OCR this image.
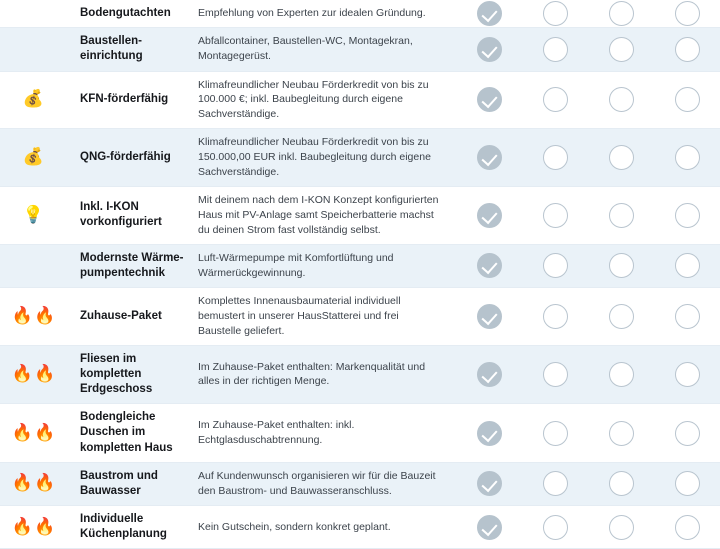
	Bodengutachten	Empfehlung von Experten zur idealen Gründung.				

	Baustellen-
einrichtung	Abfallcontainer, Baustellen-WC, Montagekran, Montagegerüst.				

💰	KFN-förderfähig	Klimafreundlicher Neubau Förderkredit von bis zu 100.000 €; inkl. Baubegleitung durch eigene Sachverständige.				

💰	QNG-förderfähig	Klimafreundlicher Neubau Förderkredit von bis zu 150.000,00 EUR inkl. Baubegleitung durch eigene Sachverständige.				

💡	Inkl. I-KON
vorkonfiguriert	Mit deinem nach dem I-KON Konzept konfigurierten Haus mit PV-Anlage samt Speicherbatterie machst du deinen Strom fast vollständig selbst.				

	Modernste Wärme-
pumpentechnik	Luft-Wärmepumpe mit Komfortlüftung und Wärmerückgewinnung.				

🔥🔥	Zuhause-Paket	Komplettes Innenausbaumaterial individuell bemustert in unserer HausStatterei und frei Baustelle geliefert.				

🔥🔥	Fliesen im
kompletten
Erdgeschoss	Im Zuhause-Paket enthalten: Markenqualität und alles in der richtigen Menge.				

🔥🔥	Bodengleiche
Duschen im
kompletten Haus	Im Zuhause-Paket enthalten: inkl. Echtglasduschabtrennung.				

🔥🔥	Baustrom und
Bauwasser	Auf Kundenwunsch organisieren wir für die Bauzeit den Baustrom- und Bauwasseranschluss.				

🔥🔥	Individuelle
Küchenplanung	Kein Gutschein, sondern konkret geplant.				
